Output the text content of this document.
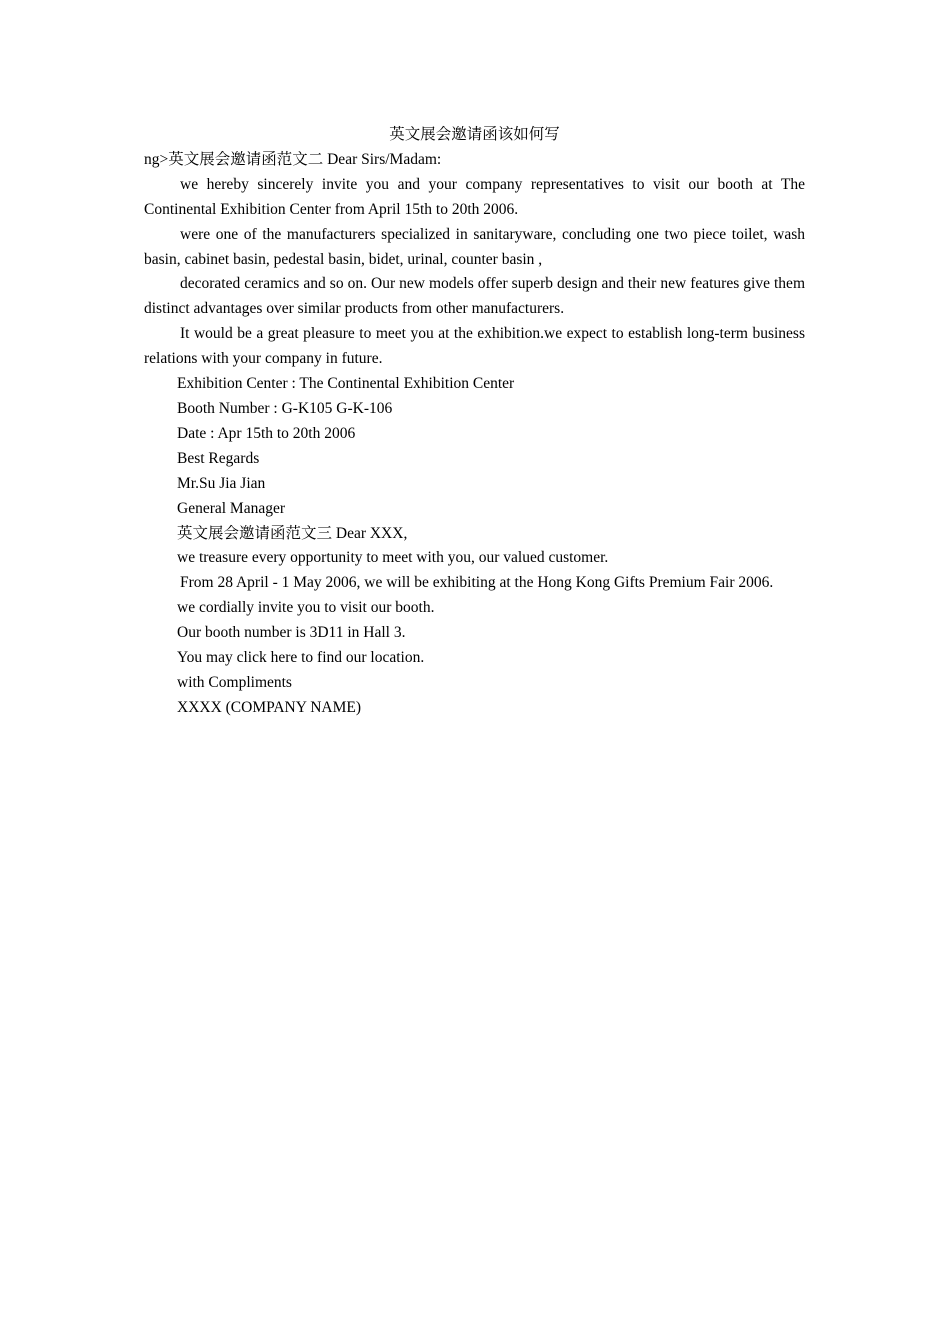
英文展会邀请函该如何写

ng>英文展会邀请函范文二 Dear Sirs/Madam:

we hereby sincerely invite you and your company representatives to visit our booth at The Continental Exhibition Center from April 15th to 20th 2006.

were one of the manufacturers specialized in sanitaryware, concluding one two piece toilet, wash basin, cabinet basin, pedestal basin, bidet, urinal, counter basin ,

decorated ceramics and so on. Our new models offer superb design and their new features give them distinct advantages over similar products from other manufacturers.

It would be a great pleasure to meet you at the exhibition.we expect to establish long-term business relations with your company in future.

Exhibition Center : The Continental Exhibition Center

Booth Number : G-K105 G-K-106

Date : Apr 15th to 20th 2006

Best Regards

Mr.Su Jia Jian

General Manager

英文展会邀请函范文三 Dear XXX,

we treasure every opportunity to meet with you, our valued customer.

From 28 April - 1 May 2006, we will be exhibiting at the Hong Kong Gifts Premium Fair 2006.

we cordially invite you to visit our booth.

Our booth number is 3D11 in Hall 3.

You may click here to find our location.

with Compliments

XXXX (COMPANY NAME)
